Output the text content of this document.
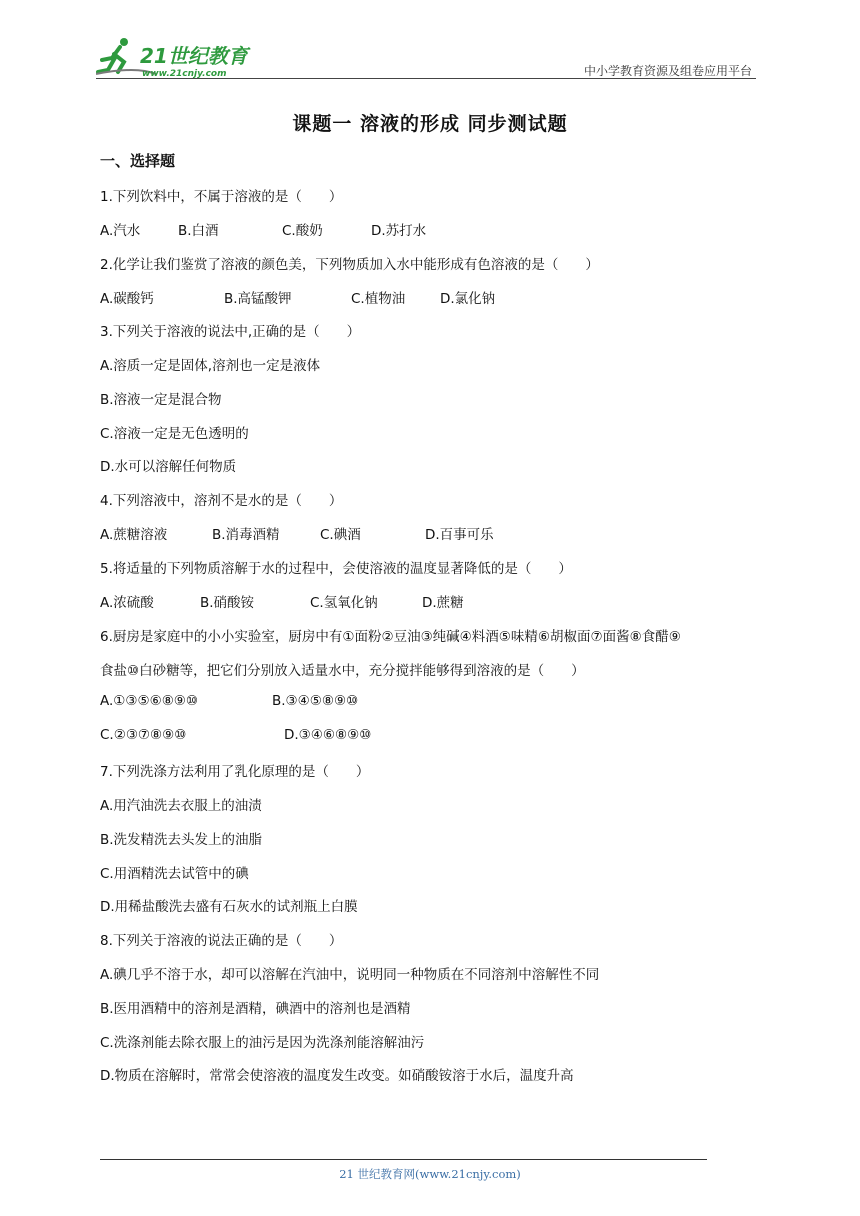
21世纪教育
www.21cnjy.com	中小学教育资源及组卷应用平台
课题一 溶液的形成 同步测试题
一、选择题
1.下列饮料中，不属于溶液的是（　　）
A.汽水	B.白酒	C.酸奶	D.苏打水
2.化学让我们鉴赏了溶液的颜色美，下列物质加入水中能形成有色溶液的是（　　）
A.碳酸钙	B.高锰酸钾	C.植物油	D.氯化钠
3.下列关于溶液的说法中,正确的是（　　）
A.溶质一定是固体,溶剂也一定是液体
B.溶液一定是混合物
C.溶液一定是无色透明的
D.水可以溶解任何物质
4.下列溶液中，溶剂不是水的是（　　）
A.蔗糖溶液	B.消毒酒精	C.碘酒	D.百事可乐
5.将适量的下列物质溶解于水的过程中，会使溶液的温度显著降低的是（　　）
A.浓硫酸	B.硝酸铵	C.氢氧化钠	D.蔗糖
6.厨房是家庭中的小小实验室，厨房中有①面粉②豆油③纯碱④料酒⑤味精⑥胡椒面⑦面酱⑧食醋⑨
食盐⑩白砂糖等，把它们分别放入适量水中，充分搅拌能够得到溶液的是（　　）
A.①③⑤⑥⑧⑨⑩	B.③④⑤⑧⑨⑩
C.②③⑦⑧⑨⑩	D.③④⑥⑧⑨⑩
7.下列洗涤方法利用了乳化原理的是（　　）
A.用汽油洗去衣服上的油渍
B.洗发精洗去头发上的油脂
C.用酒精洗去试管中的碘
D.用稀盐酸洗去盛有石灰水的试剂瓶上白膜
8.下列关于溶液的说法正确的是（　　）
A.碘几乎不溶于水，却可以溶解在汽油中，说明同一种物质在不同溶剂中溶解性不同
B.医用酒精中的溶剂是酒精，碘酒中的溶剂也是酒精
C.洗涤剂能去除衣服上的油污是因为洗涤剂能溶解油污
D.物质在溶解时，常常会使溶液的温度发生改变。如硝酸铵溶于水后，温度升高
21 世纪教育网(www.21cnjy.com)
